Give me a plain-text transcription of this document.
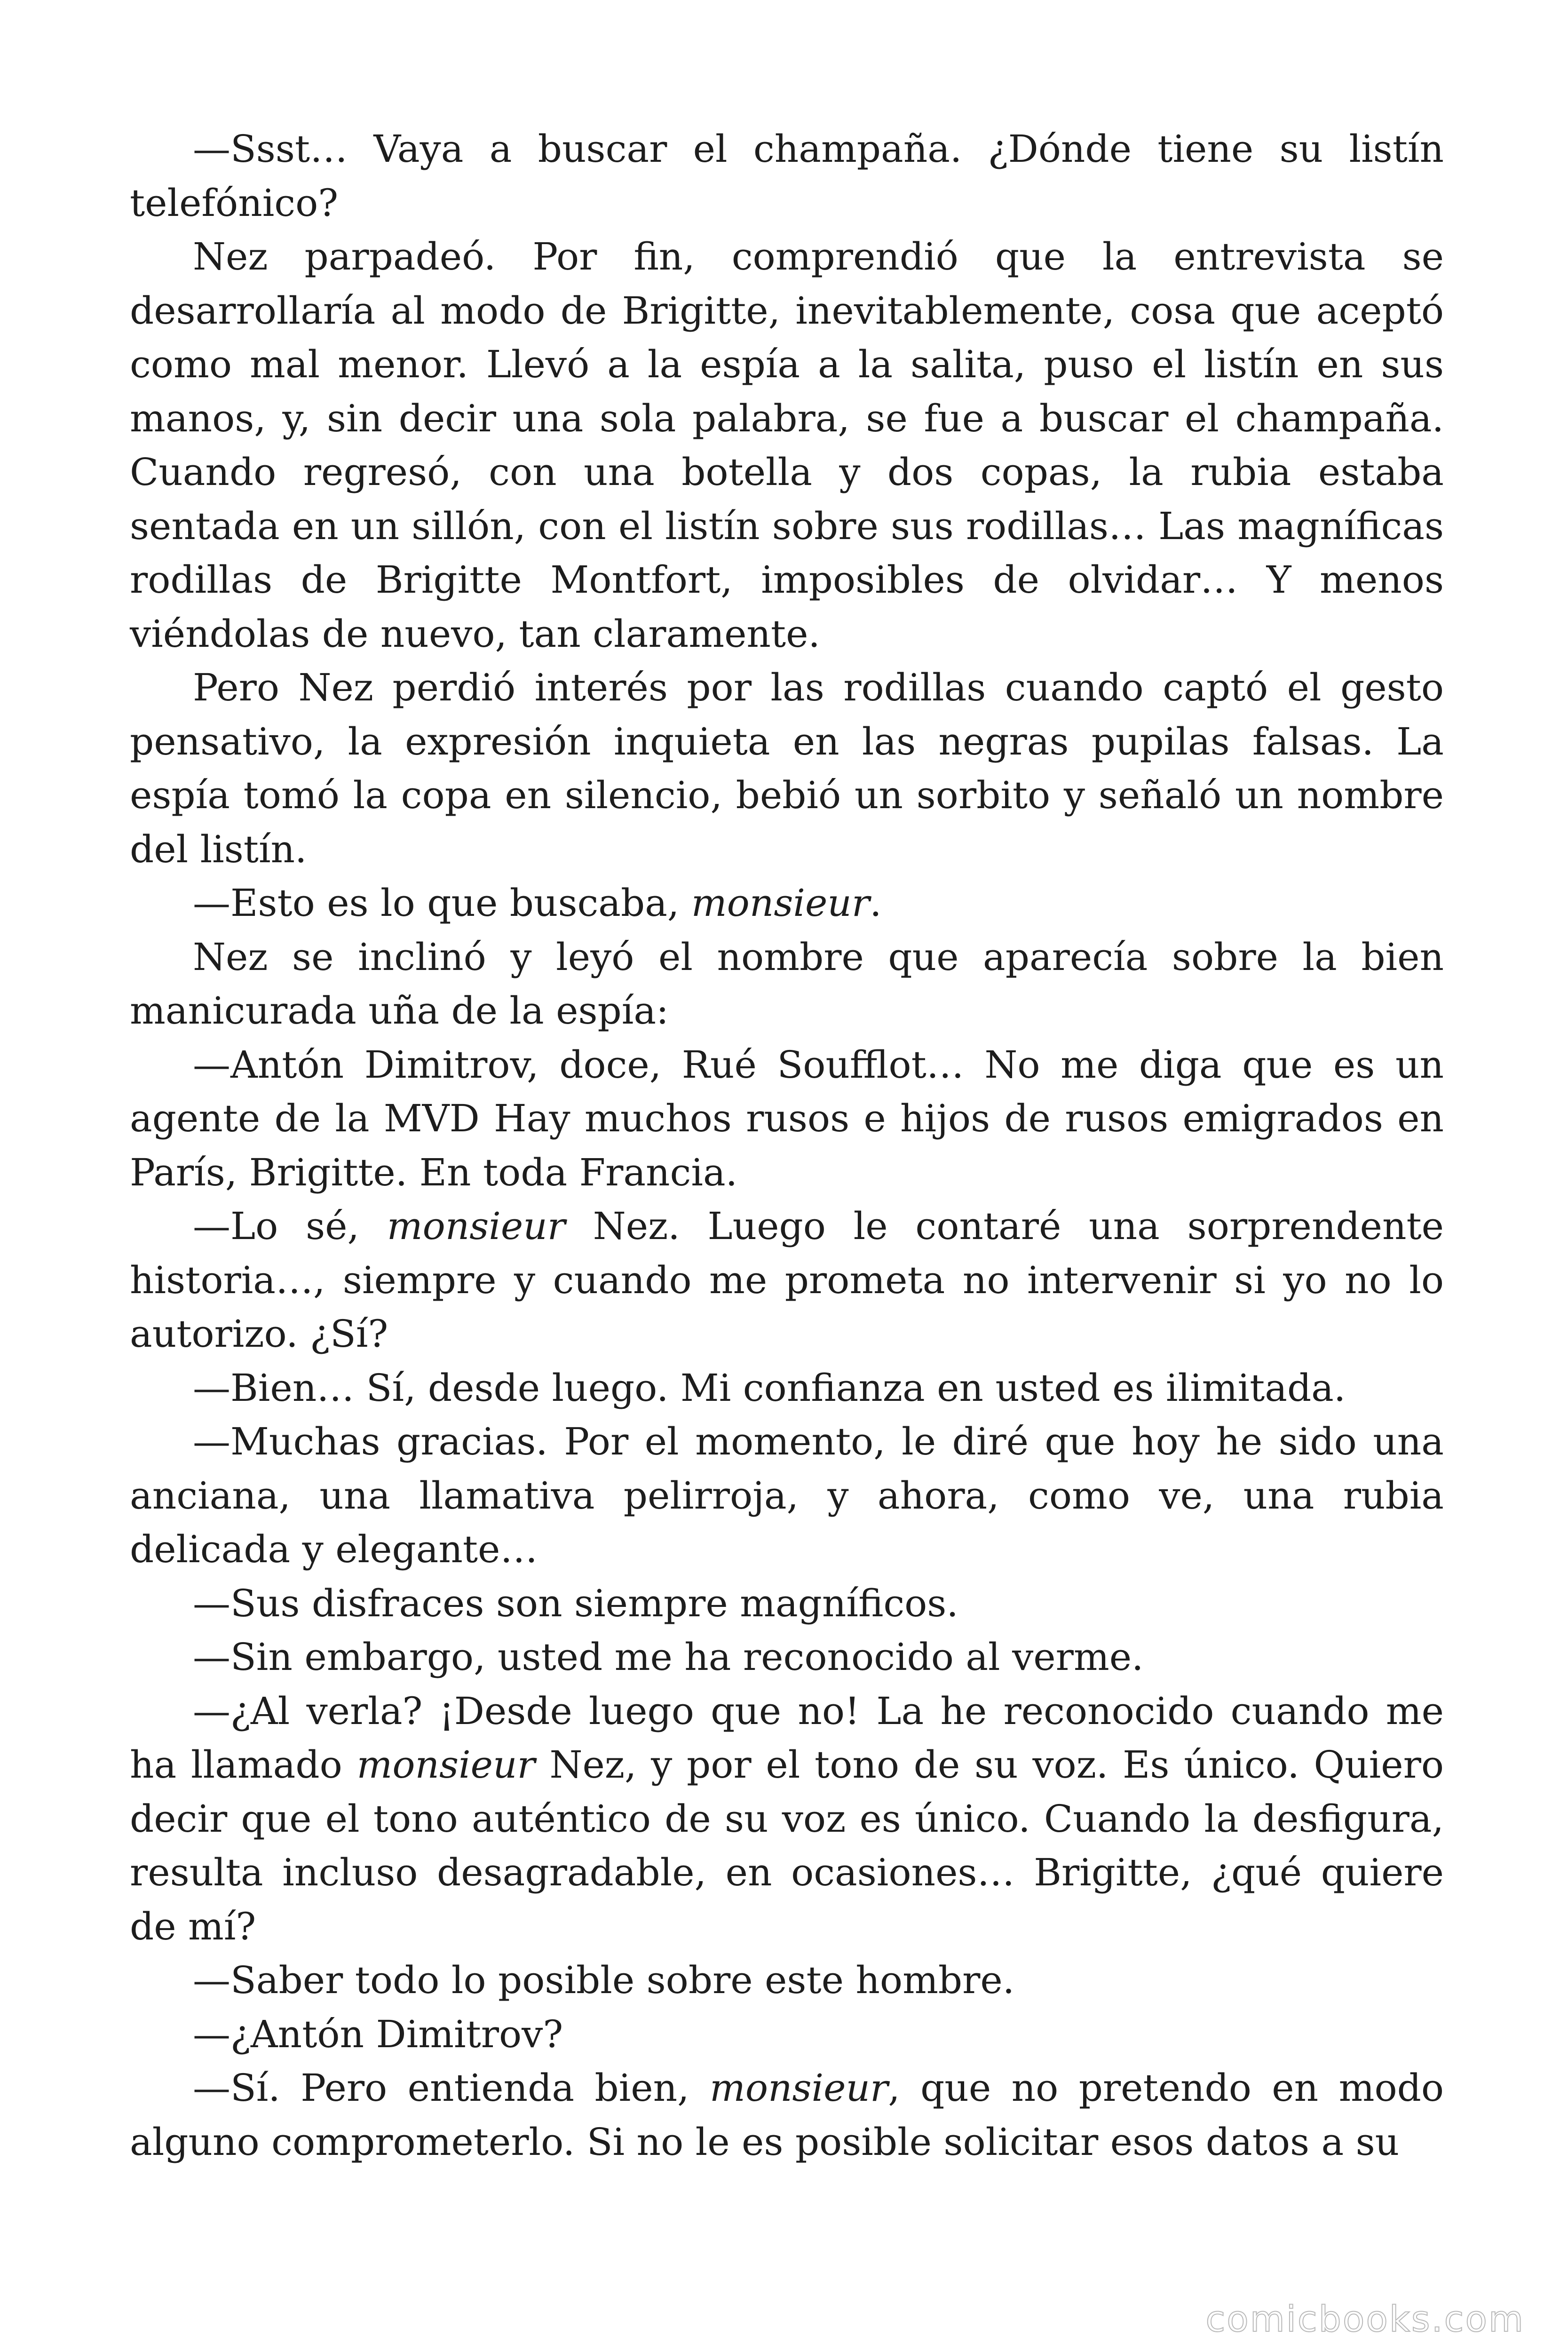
—Ssst… Vaya a buscar el champaña. ¿Dónde tiene su listín telefónico?

Nez parpadeó. Por fin, comprendió que la entrevista se desarrollaría al modo de Brigitte, inevitablemente, cosa que aceptó como mal menor. Llevó a la espía a la salita, puso el listín en sus manos, y, sin decir una sola palabra, se fue a buscar el champaña. Cuando regresó, con una botella y dos copas, la rubia estaba sentada en un sillón, con el listín sobre sus rodillas… Las magníficas rodillas de Brigitte Montfort, imposibles de olvidar… Y menos viéndolas de nuevo, tan claramente.

Pero Nez perdió interés por las rodillas cuando captó el gesto pensativo, la expresión inquieta en las negras pupilas falsas. La espía tomó la copa en silencio, bebió un sorbito y señaló un nombre del listín.

—Esto es lo que buscaba, monsieur.

Nez se inclinó y leyó el nombre que aparecía sobre la bien manicurada uña de la espía:

—Antón Dimitrov, doce, Rué Soufflot… No me diga que es un agente de la MVD Hay muchos rusos e hijos de rusos emigrados en París, Brigitte. En toda Francia.

—Lo sé, monsieur Nez. Luego le contaré una sorprendente historia…, siempre y cuando me prometa no intervenir si yo no lo autorizo. ¿Sí?

—Bien… Sí, desde luego. Mi confianza en usted es ilimitada.

—Muchas gracias. Por el momento, le diré que hoy he sido una anciana, una llamativa pelirroja, y ahora, como ve, una rubia delicada y elegante…

—Sus disfraces son siempre magníficos.

—Sin embargo, usted me ha reconocido al verme.

—¿Al verla? ¡Desde luego que no! La he reconocido cuando me ha llamado monsieur Nez, y por el tono de su voz. Es único. Quiero decir que el tono auténtico de su voz es único. Cuando la desfigura, resulta incluso desagradable, en ocasiones… Brigitte, ¿qué quiere de mí?

—Saber todo lo posible sobre este hombre.

—¿Antón Dimitrov?

—Sí. Pero entienda bien, monsieur, que no pretendo en modo alguno comprometerlo. Si no le es posible solicitar esos datos a su

comicbooks.com
